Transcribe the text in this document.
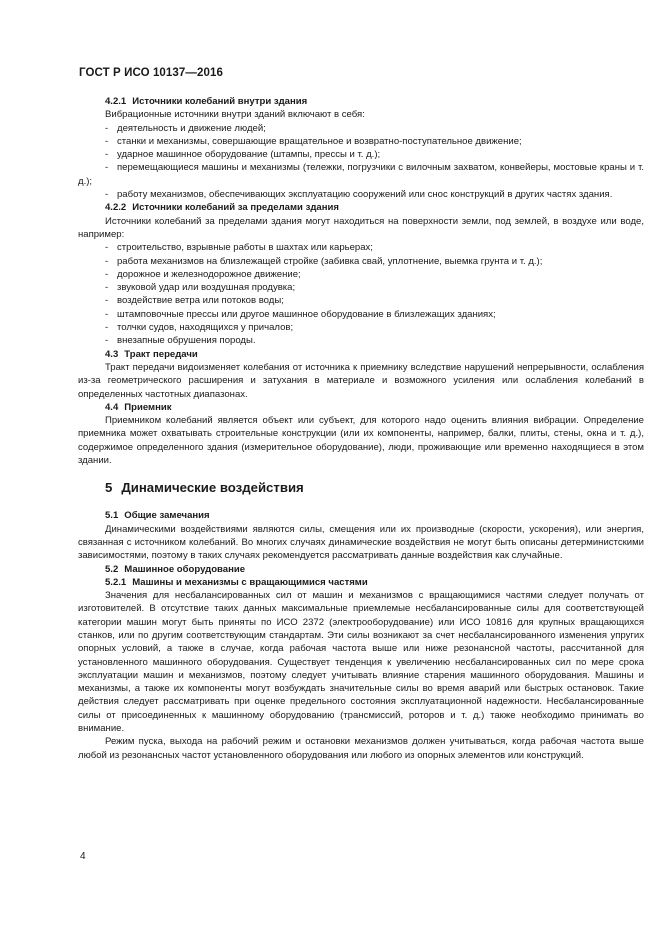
ГОСТ Р ИСО 10137—2016

4.2.1 Источники колебаний внутри здания

Вибрационные источники внутри зданий включают в себя:

- деятельность и движение людей;

- станки и механизмы, совершающие вращательное и возвратно-поступательное движение;

- ударное машинное оборудование (штампы, прессы и т. д.);

- перемещающиеся машины и механизмы (тележки, погрузчики с вилочным захватом, конвейеры, мостовые краны и т. д.);

- работу механизмов, обеспечивающих эксплуатацию сооружений или снос конструкций в других частях здания.

4.2.2 Источники колебаний за пределами здания

Источники колебаний за пределами здания могут находиться на поверхности земли, под землей, в воздухе или воде, например:

- строительство, взрывные работы в шахтах или карьерах;

- работа механизмов на близлежащей стройке (забивка свай, уплотнение, выемка грунта и т. д.);

- дорожное и железнодорожное движение;

- звуковой удар или воздушная продувка;

- воздействие ветра или потоков воды;

- штамповочные прессы или другое машинное оборудование в близлежащих зданиях;

- толчки судов, находящихся у причалов;

- внезапные обрушения породы.

4.3 Тракт передачи

Тракт передачи видоизменяет колебания от источника к приемнику вследствие нарушений непрерывности, ослабления из-за геометрического расширения и затухания в материале и возможного усиления или ослабления колебаний в определенных частотных диапазонах.

4.4 Приемник

Приемником колебаний является объект или субъект, для которого надо оценить влияния вибрации. Определение приемника может охватывать строительные конструкции (или их компоненты, например, балки, плиты, стены, окна и т. д.), содержимое определенного здания (измерительное оборудование), люди, проживающие или временно находящиеся в этом здании.

5 Динамические воздействия

5.1 Общие замечания

Динамическими воздействиями являются силы, смещения или их производные (скорости, ускорения), или энергия, связанная с источником колебаний. Во многих случаях динамические воздействия не могут быть описаны детерминистскими зависимостями, поэтому в таких случаях рекомендуется рассматривать данные воздействия как случайные.

5.2 Машинное оборудование

5.2.1 Машины и механизмы с вращающимися частями

Значения для несбалансированных сил от машин и механизмов с вращающимися частями следует получать от изготовителей. В отсутствие таких данных максимальные приемлемые несбалансированные силы для соответствующей категории машин могут быть приняты по ИСО 2372 (электрооборудование) или ИСО 10816 для крупных вращающихся станков, или по другим соответствующим стандартам. Эти силы возникают за счет несбалансированного изменения упругих опорных условий, а также в случае, когда рабочая частота выше или ниже резонансной частоты, рассчитанной для установленного машинного оборудования. Существует тенденция к увеличению несбалансированных сил по мере срока эксплуатации машин и механизмов, поэтому следует учитывать влияние старения машинного оборудования. Машины и механизмы, а также их компоненты могут возбуждать значительные силы во время аварий или быстрых остановок. Такие действия следует рассматривать при оценке предельного состояния эксплуатационной надежности. Несбалансированные силы от присоединенных к машинному оборудованию (трансмиссий, роторов и т. д.) также необходимо принимать во внимание.

Режим пуска, выхода на рабочий режим и остановки механизмов должен учитываться, когда рабочая частота выше любой из резонансных частот установленного оборудования или любого из опорных элементов или конструкций.

4
